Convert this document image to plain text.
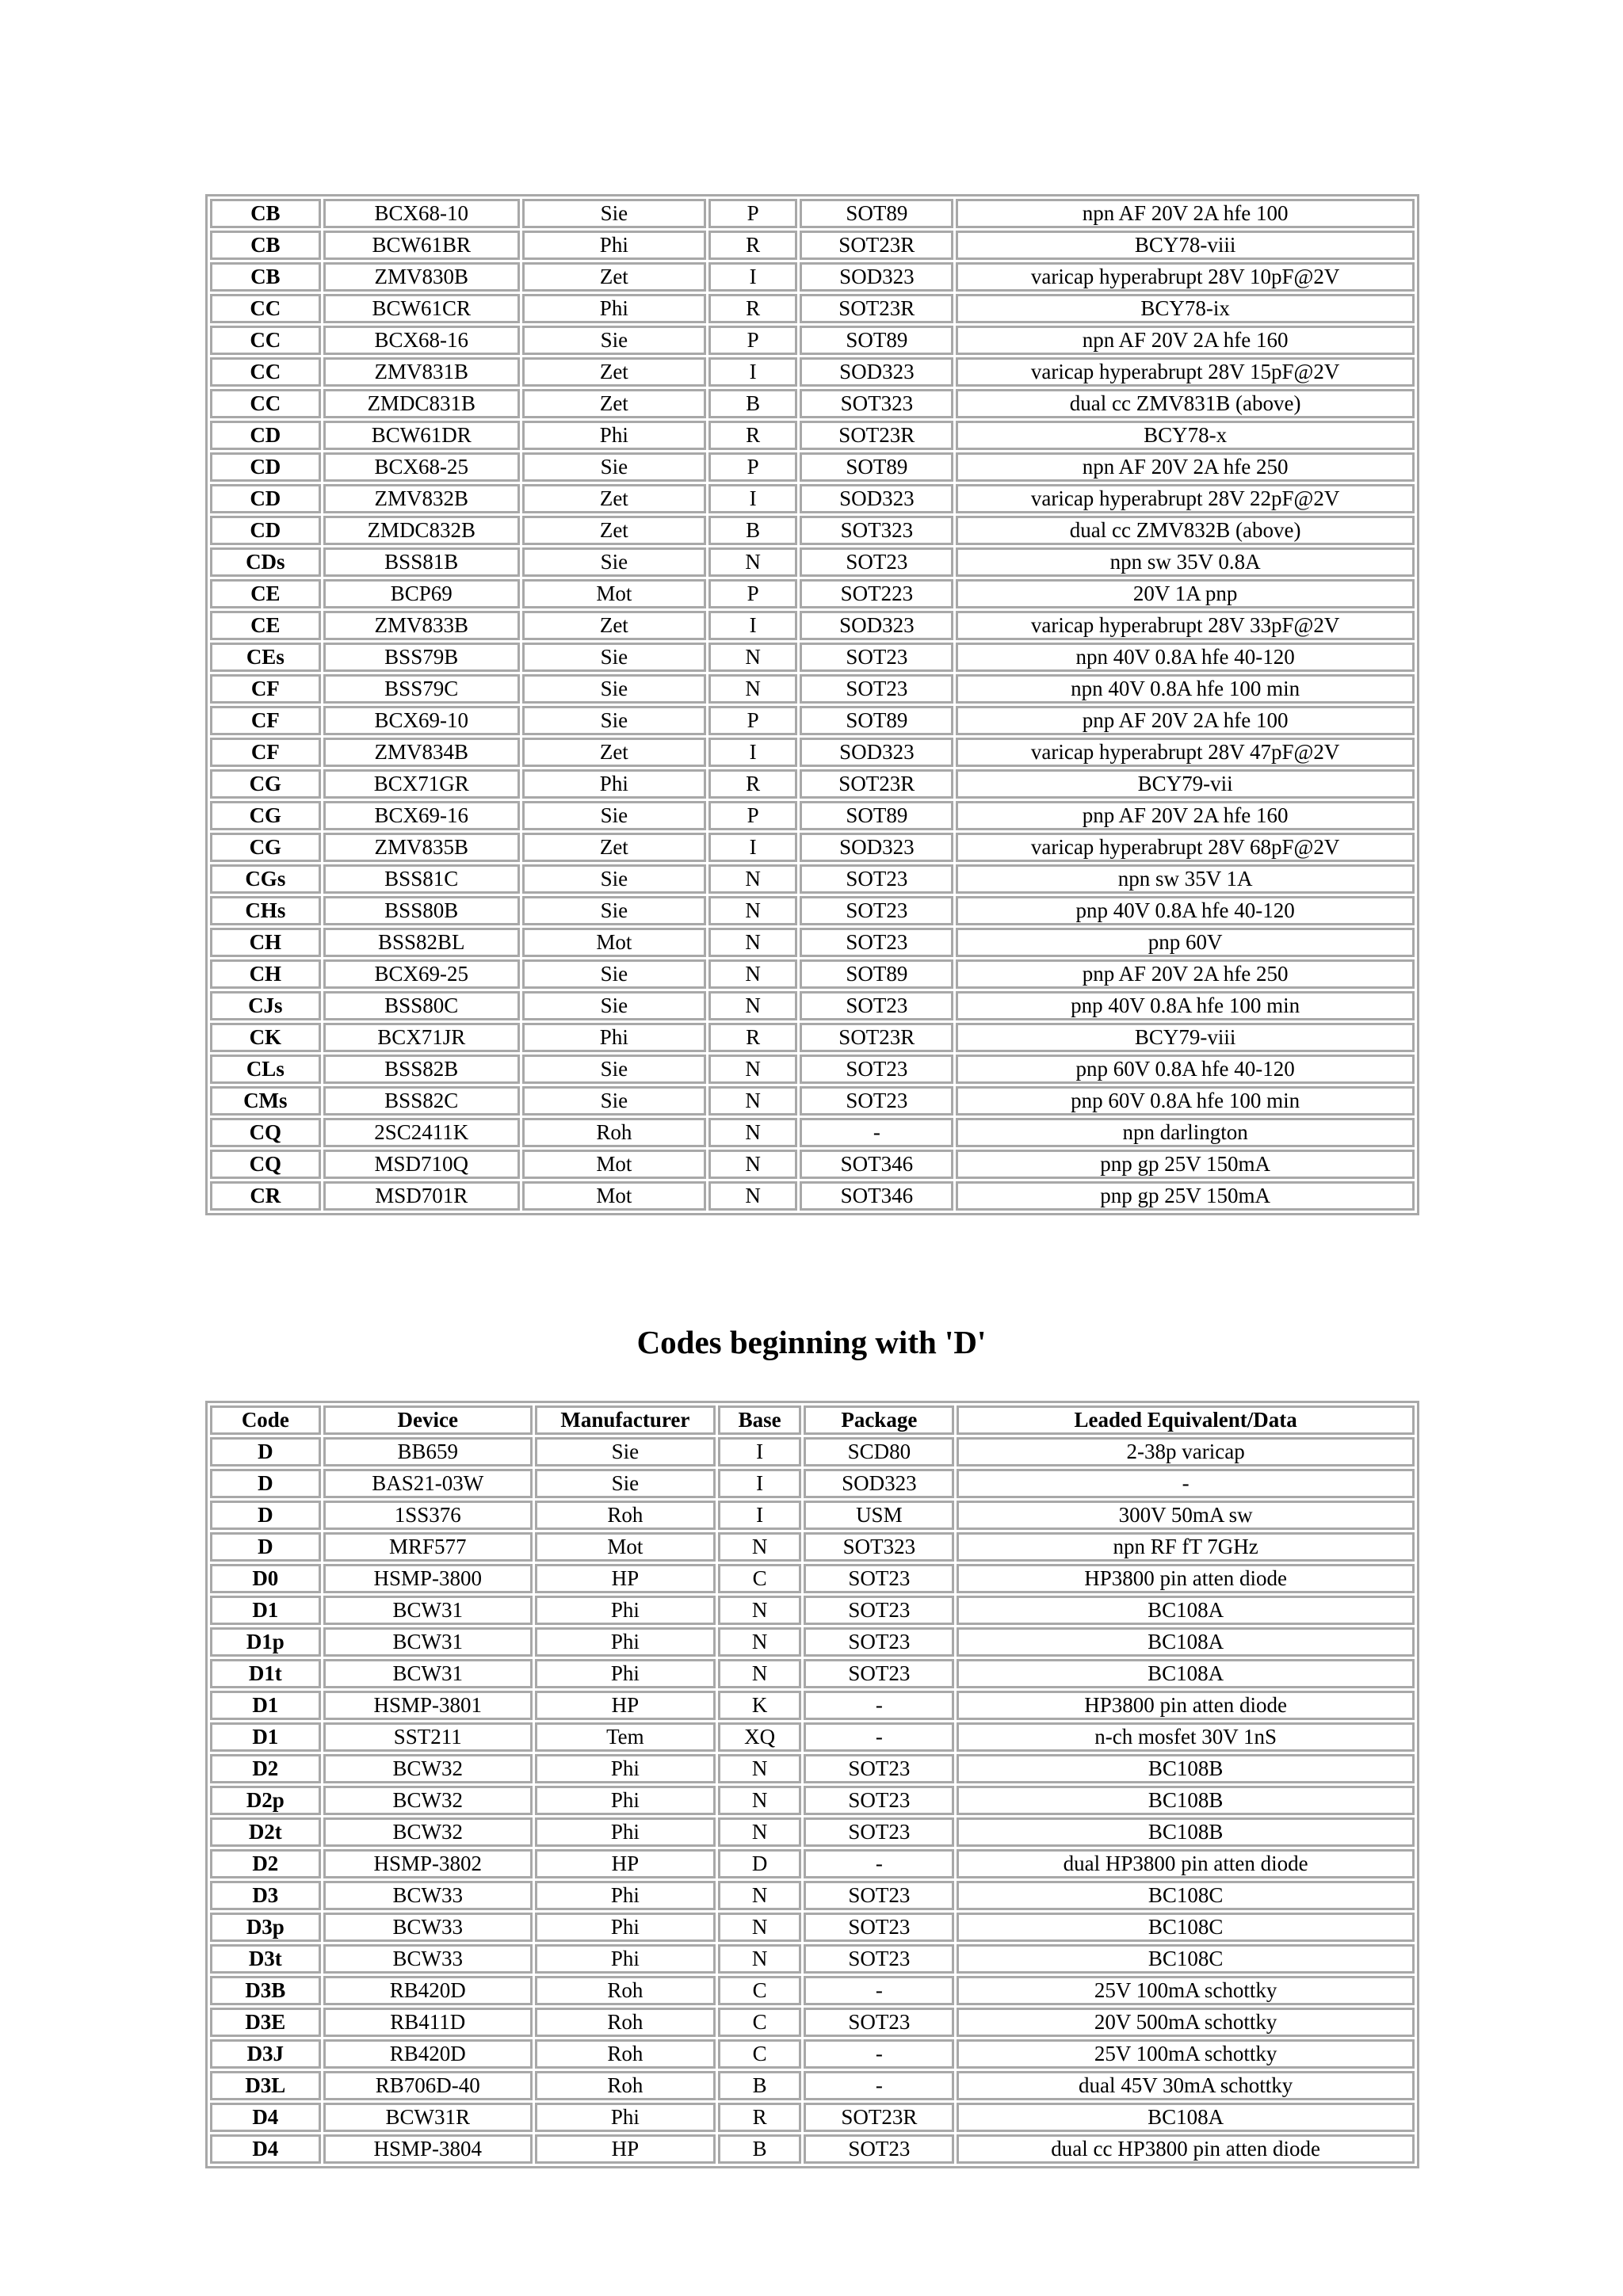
CB	BCX68-10	Sie	P	SOT89	npn AF 20V 2A hfe 100
CB	BCW61BR	Phi	R	SOT23R	BCY78-viii
CB	ZMV830B	Zet	I	SOD323	varicap hyperabrupt 28V 10pF@2V
CC	BCW61CR	Phi	R	SOT23R	BCY78-ix
CC	BCX68-16	Sie	P	SOT89	npn AF 20V 2A hfe 160
CC	ZMV831B	Zet	I	SOD323	varicap hyperabrupt 28V 15pF@2V
CC	ZMDC831B	Zet	B	SOT323	dual cc ZMV831B (above)
CD	BCW61DR	Phi	R	SOT23R	BCY78-x
CD	BCX68-25	Sie	P	SOT89	npn AF 20V 2A hfe 250
CD	ZMV832B	Zet	I	SOD323	varicap hyperabrupt 28V 22pF@2V
CD	ZMDC832B	Zet	B	SOT323	dual cc ZMV832B (above)
CDs	BSS81B	Sie	N	SOT23	npn sw 35V 0.8A
CE	BCP69	Mot	P	SOT223	20V 1A pnp
CE	ZMV833B	Zet	I	SOD323	varicap hyperabrupt 28V 33pF@2V
CEs	BSS79B	Sie	N	SOT23	npn 40V 0.8A hfe 40-120
CF	BSS79C	Sie	N	SOT23	npn 40V 0.8A hfe 100 min
CF	BCX69-10	Sie	P	SOT89	pnp AF 20V 2A hfe 100
CF	ZMV834B	Zet	I	SOD323	varicap hyperabrupt 28V 47pF@2V
CG	BCX71GR	Phi	R	SOT23R	BCY79-vii
CG	BCX69-16	Sie	P	SOT89	pnp AF 20V 2A hfe 160
CG	ZMV835B	Zet	I	SOD323	varicap hyperabrupt 28V 68pF@2V
CGs	BSS81C	Sie	N	SOT23	npn sw 35V 1A
CHs	BSS80B	Sie	N	SOT23	pnp 40V 0.8A hfe 40-120
CH	BSS82BL	Mot	N	SOT23	pnp 60V
CH	BCX69-25	Sie	N	SOT89	pnp AF 20V 2A hfe 250
CJs	BSS80C	Sie	N	SOT23	pnp 40V 0.8A hfe 100 min
CK	BCX71JR	Phi	R	SOT23R	BCY79-viii
CLs	BSS82B	Sie	N	SOT23	pnp 60V 0.8A hfe 40-120
CMs	BSS82C	Sie	N	SOT23	pnp 60V 0.8A hfe 100 min
CQ	2SC2411K	Roh	N	-	npn darlington
CQ	MSD710Q	Mot	N	SOT346	pnp gp 25V 150mA
CR	MSD701R	Mot	N	SOT346	pnp gp 25V 150mA
Codes beginning with 'D'
Code	Device	Manufacturer	Base	Package	Leaded Equivalent/Data
D	BB659	Sie	I	SCD80	2-38p varicap
D	BAS21-03W	Sie	I	SOD323	-
D	1SS376	Roh	I	USM	300V 50mA sw
D	MRF577	Mot	N	SOT323	npn RF fT 7GHz
D0	HSMP-3800	HP	C	SOT23	HP3800 pin atten diode
D1	BCW31	Phi	N	SOT23	BC108A
D1p	BCW31	Phi	N	SOT23	BC108A
D1t	BCW31	Phi	N	SOT23	BC108A
D1	HSMP-3801	HP	K	-	HP3800 pin atten diode
D1	SST211	Tem	XQ	-	n-ch mosfet 30V 1nS
D2	BCW32	Phi	N	SOT23	BC108B
D2p	BCW32	Phi	N	SOT23	BC108B
D2t	BCW32	Phi	N	SOT23	BC108B
D2	HSMP-3802	HP	D	-	dual HP3800 pin atten diode
D3	BCW33	Phi	N	SOT23	BC108C
D3p	BCW33	Phi	N	SOT23	BC108C
D3t	BCW33	Phi	N	SOT23	BC108C
D3B	RB420D	Roh	C	-	25V 100mA schottky
D3E	RB411D	Roh	C	SOT23	20V 500mA schottky
D3J	RB420D	Roh	C	-	25V 100mA schottky
D3L	RB706D-40	Roh	B	-	dual 45V 30mA schottky
D4	BCW31R	Phi	R	SOT23R	BC108A
D4	HSMP-3804	HP	B	SOT23	dual cc HP3800 pin atten diode
